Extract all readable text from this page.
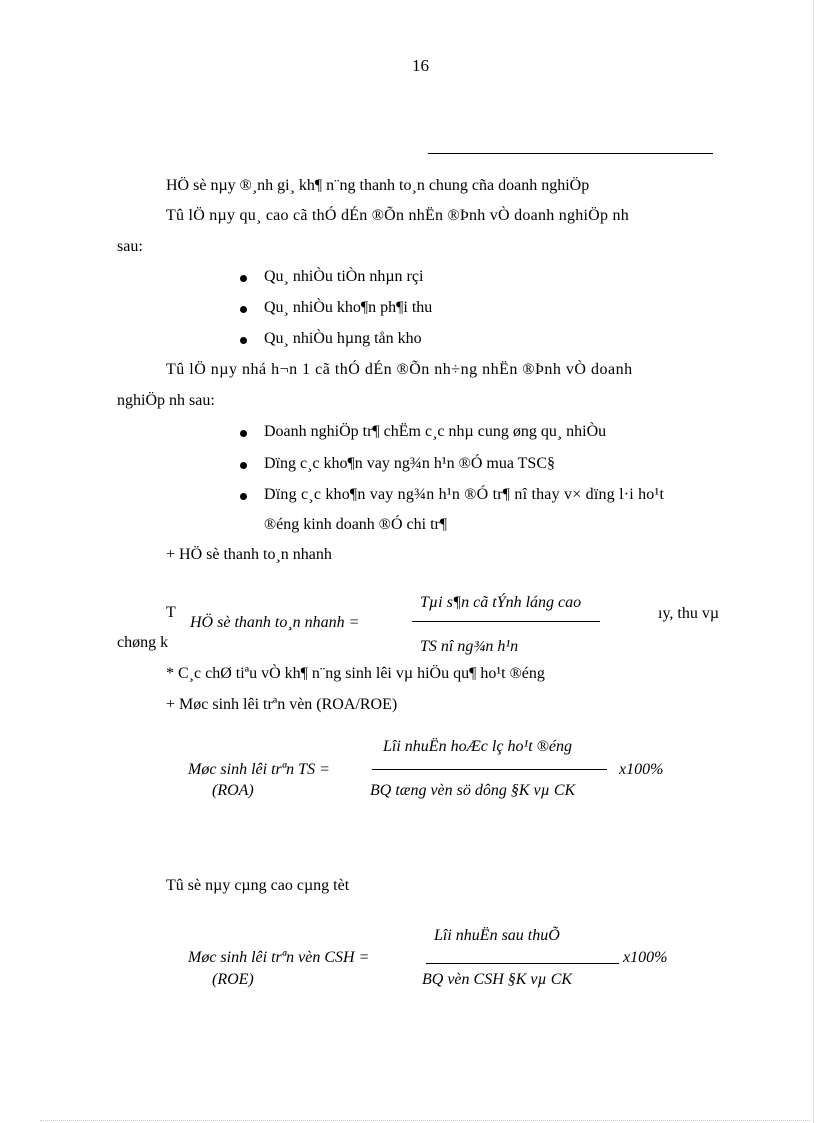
16
HÖ sè nµy ®¸nh gi¸ kh¶ n¨ng thanh to¸n chung cña doanh nghiÖp
Tû lÖ nµy qu¸ cao cã thÓ dÉn ®Õn nhËn ®Þnh vÒ doanh nghiÖp nh
sau:
Qu¸ nhiÒu tiÒn nhµn rçi
Qu¸ nhiÒu kho¶n ph¶i thu
Qu¸ nhiÒu hµng tån kho
Tû lÖ nµy nhá h¬n 1 cã thÓ dÉn ®Õn nh÷ng nhËn ®Þnh vÒ doanh
nghiÖp nh sau:
Doanh nghiÖp tr¶ chËm c¸c nhµ cung øng qu¸ nhiÒu
Dïng c¸c kho¶n vay ng¾n h¹n ®Ó mua TSC§
Dïng c¸c kho¶n vay ng¾n h¹n ®Ó tr¶ nî thay v× dïng l·i ho¹t
®éng kinh doanh ®Ó chi tr¶
+ HÖ sè thanh to¸n nhanh
T
chøng k
ıy, thu vµ
HÖ sè thanh to¸n nhanh =
Tµi s¶n cã tÝnh láng cao
TS nî ng¾n h¹n
* C¸c chØ tiªu vÒ kh¶ n¨ng sinh lêi vµ hiÖu qu¶ ho¹t ®éng
+ Møc sinh lêi trªn vèn (ROA/ROE)
Lîi nhuËn hoÆc lç ho¹t ®éng
Møc sinh lêi trªn TS =	x100%
(ROA)	BQ tæng vèn sö dông §K vµ CK
Tû sè nµy cµng cao cµng tèt
Lîi nhuËn sau thuÕ
Møc sinh lêi trªn vèn CSH =	x100%
(ROE)	BQ vèn CSH §K vµ CK
